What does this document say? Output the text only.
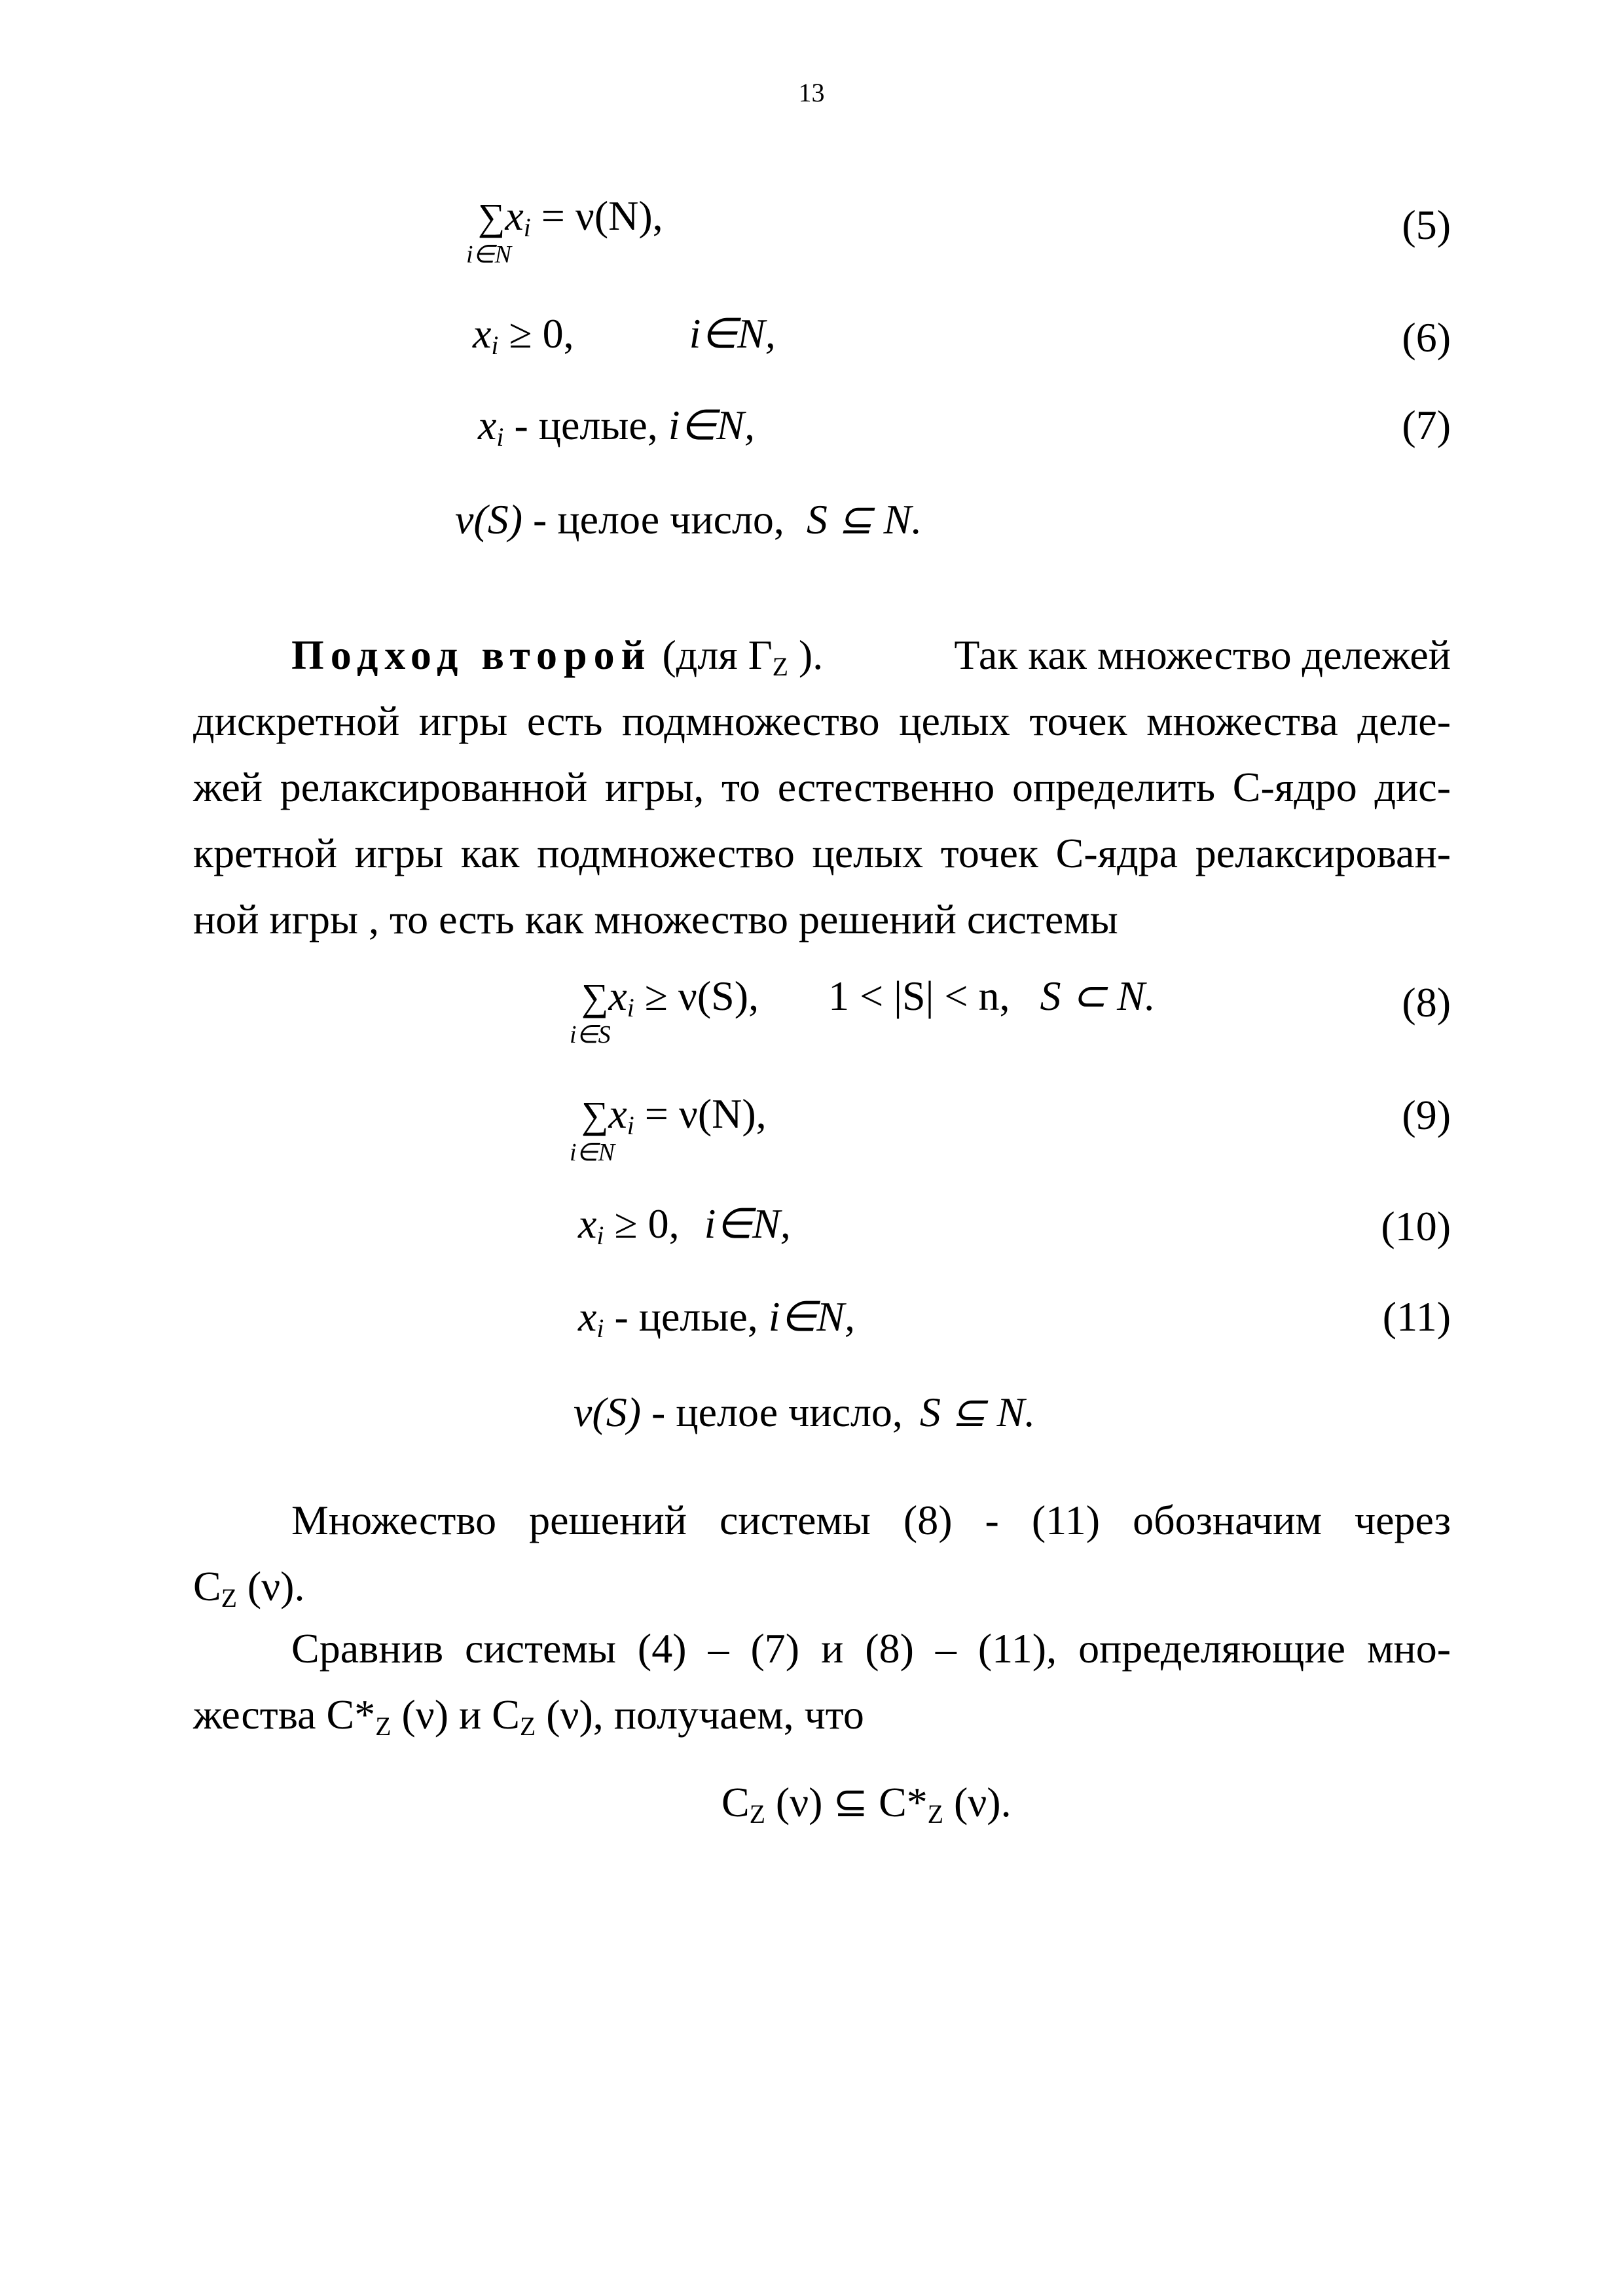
13
∑
i∈N
$x_i = \nu(N)$,	(5)
$x_i \ge 0$,	i∈N,	(6)
$x_i$ - целые, i∈N,	(7)
ν(S) - целое число, S ⊆ N.
Подход второй (для $\Gamma_Z$ ).	Так как множество дележей
дискретной игры есть подмножество целых точек множества деле-
жей релаксированной игры, то естественно определить С-ядро дис-
кретной игры как подмножество целых точек С-ядра релаксирован-
ной игры , то есть как множество решений системы
∑
i∈S
$x_i \ge \nu(S)$, 1 < |S| < n, S ⊂ N.	(8)
∑
i∈N
$x_i = \nu(N)$,	(9)
$x_i \ge 0$, i∈N,	(10)
$x_i$ - целые, i∈N,	(11)
ν(S) - целое число, S ⊆ N.
Множество решений системы (8) - (11) обозначим через
$C_Z$ (ν).
Сравнив системы (4) – (7) и (8) – (11), определяющие мно-
жества $C*_Z$ (ν) и $C_Z$ (ν), получаем, что
$C_Z$ (ν) ⊆ $C*_Z$ (ν).
